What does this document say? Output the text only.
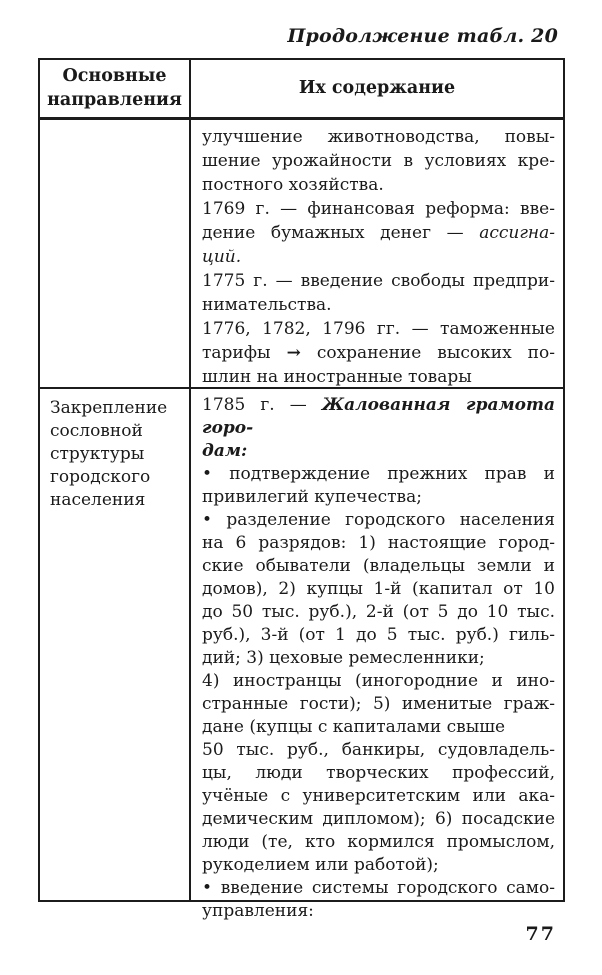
Продолжение табл. 20
Основные направления
Их содержание
улучшение животноводства, повы-
шение урожайности в условиях кре-
постного хозяйства.
1769 г. — финансовая реформа: вве-
дение бумажных денег — ассигна-
ций.
1775 г. — введение свободы предпри-
нимательства.
1776, 1782, 1796 гг. — таможенные
тарифы → сохранение высоких по-
шлин на иностранные товары
Закрепление
сословной
структуры
городского
населения
1785 г. — Жалованная грамота горо-
дам:
• подтверждение прежних прав и
привилегий купечества;
• разделение городского населения
на 6 разрядов: 1) настоящие город-
ские обыватели (владельцы земли и
домов), 2) купцы 1-й (капитал от 10
до 50 тыс. руб.), 2-й (от 5 до 10 тыс.
руб.), 3-й (от 1 до 5 тыс. руб.) гиль-
дий; 3) цеховые ремесленники;
4) иностранцы (иногородние и ино-
странные гости); 5) именитые граж-
дане (купцы с капиталами свыше
50 тыс. руб., банкиры, судовладель-
цы, люди творческих профессий,
учёные с университетским или ака-
демическим дипломом); 6) посадские
люди (те, кто кормился промыслом,
рукоделием или работой);
• введение системы городского само-
управления:
77
